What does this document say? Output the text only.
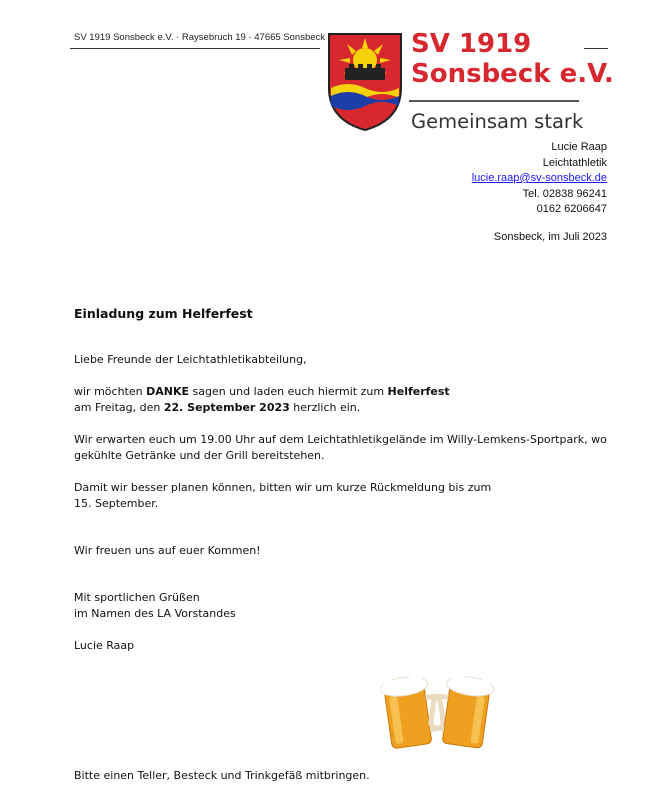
SV 1919 Sonsbeck e.V. · Raysebruch 19 · 47665 Sonsbeck	SV 1919
Sonsbeck e.V.
Gemeinsam stark
Lucie Raap
Leichtathletik
lucie.raap@sv-sonsbeck.de
Tel. 02838 96241
0162 6206647
Sonsbeck, im Juli 2023
Einladung zum Helferfest
Liebe Freunde der Leichtathletikabteilung,
wir möchten DANKE sagen und laden euch hiermit zum Helferfest
am Freitag, den 22. September 2023 herzlich ein.
Wir erwarten euch um 19.00 Uhr auf dem Leichtathletikgelände im Willy-Lemkens-Sportpark, wo
gekühlte Getränke und der Grill bereitstehen.
Damit wir besser planen können, bitten wir um kurze Rückmeldung bis zum
15. September.
Wir freuen uns auf euer Kommen!
Mit sportlichen Grüßen
im Namen des LA Vorstandes
Lucie Raap
Bitte einen Teller, Besteck und Trinkgefäß mitbringen.
